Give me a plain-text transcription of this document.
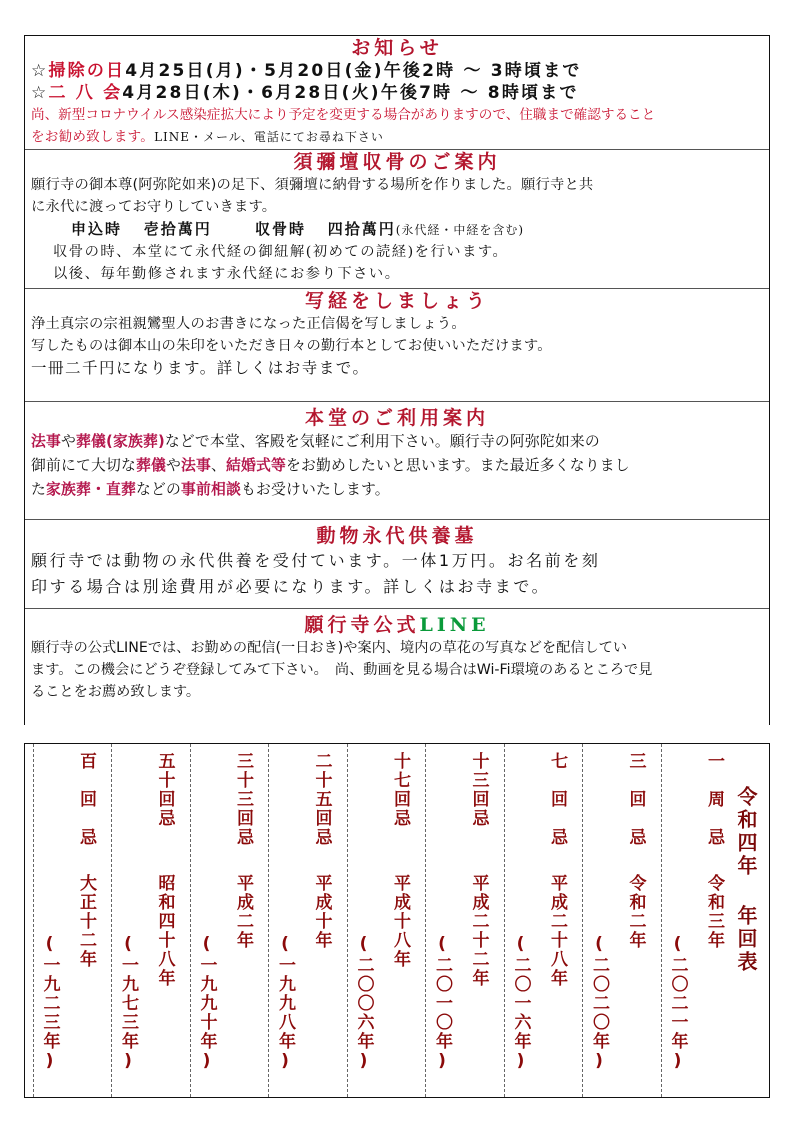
お知らせ
☆掃除の日4月25日(月)・5月20日(金)午後2時 ～ 3時頃まで
☆二 八 会4月28日(木)・6月28日(火)午後7時 ～ 8時頃まで
尚、新型コロナウイルス感染症拡大により予定を変更する場合がありますので、住職まで確認すること
をお勧め致します。LINE・メール、電話にてお尋ね下さい
須彌壇収骨のご案内
願行寺の御本尊(阿弥陀如来)の足下、須彌壇に納骨する場所を作りました。願行寺と共
に永代に渡ってお守りしていきます。
申込時 壱拾萬円	収骨時 四拾萬円(永代経・中経を含む)
収骨の時、本堂にて永代経の御紐解(初めての読経)を行います。
以後、毎年勤修されます永代経にお参り下さい。
写経をしましょう
浄土真宗の宗祖親鸞聖人のお書きになった正信偈を写しましょう。
写したものは御本山の朱印をいただき日々の勤行本としてお使いいただけます。
一冊二千円になります。詳しくはお寺まで。
本堂のご利用案内
法事や葬儀(家族葬)などで本堂、客殿を気軽にご利用下さい。願行寺の阿弥陀如来の
御前にて大切な葬儀や法事、結婚式等をお勤めしたいと思います。また最近多くなりまし
た家族葬・直葬などの事前相談もお受けいたします。
動物永代供養墓
願行寺では動物の永代供養を受付ています。一体1万円。お名前を刻
印する場合は別途費用が必要になります。詳しくはお寺まで。
願行寺公式LINE
願行寺の公式LINEでは、お勤めの配信(一日おき)や案内、境内の草花の写真などを配信してい
ます。この機会にどうぞ登録してみて下さい。　尚、動画を見る場合はWi-Fi環境のあるところで見
ることをお薦め致します。
令和四年 年回表
一　周　忌
令和三年
(二〇二一年)
三　回　忌
令和二年
(二〇二〇年)
七　回　忌
平成二十八年
(二〇一六年)
十三回忌
平成二十二年
(二〇一〇年)
十七回忌
平成十八年
(二〇〇六年)
二十五回忌
平成十年
(一九九八年)
三十三回忌
平成二年
(一九九十年)
五十回忌
昭和四十八年
(一九七三年)
百　回　忌
大正十二年
(一九二三年)
